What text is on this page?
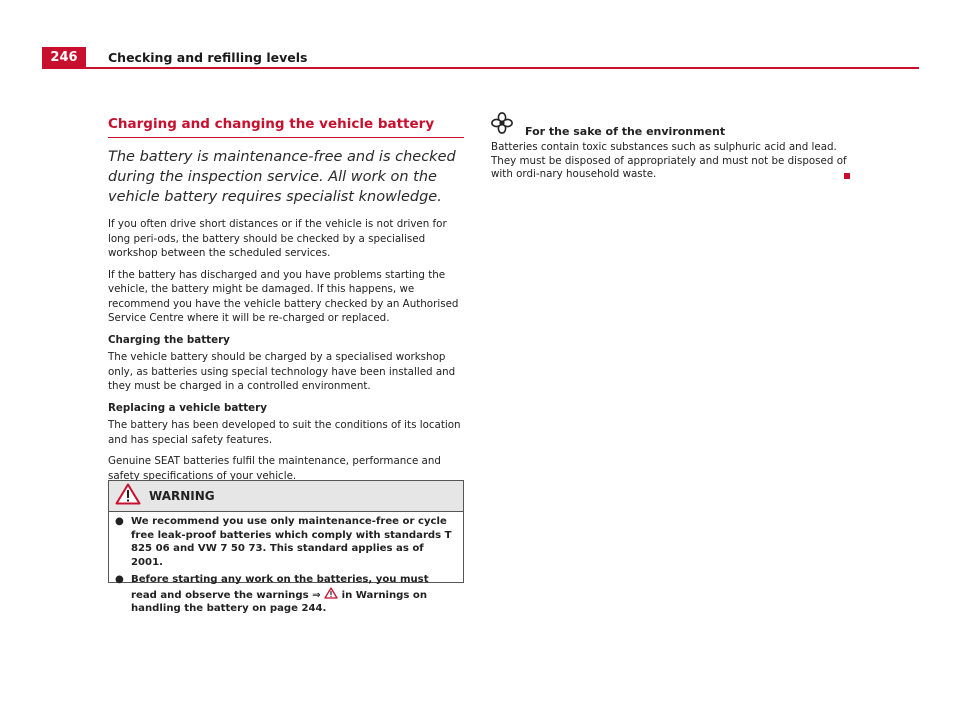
246	Checking and refilling levels
Charging and changing the vehicle battery

The battery is maintenance-free and is checked during the inspection service. All work on the vehicle battery requires specialist knowledge.

If you often drive short distances or if the vehicle is not driven for long peri-ods, the battery should be checked by a specialised workshop between the scheduled services.

If the battery has discharged and you have problems starting the vehicle, the battery might be damaged. If this happens, we recommend you have the vehicle battery checked by an Authorised Service Centre where it will be re-charged or replaced.

Charging the battery

The vehicle battery should be charged by a specialised workshop only, as batteries using special technology have been installed and they must be charged in a controlled environment.

Replacing a vehicle battery

The battery has been developed to suit the conditions of its location and has special safety features.

Genuine SEAT batteries fulfil the maintenance, performance and safety specifications of your vehicle.

WARNING
● We recommend you use only maintenance-free or cycle free leak-proof batteries which comply with standards T 825 06 and VW 7 50 73. This standard applies as of 2001.
● Before starting any work on the batteries, you must read and observe the warnings ⇒  in Warnings on handling the battery on page 244.
For the sake of the environment

Batteries contain toxic substances such as sulphuric acid and lead. They must be disposed of appropriately and must not be disposed of with ordi-nary household waste.
